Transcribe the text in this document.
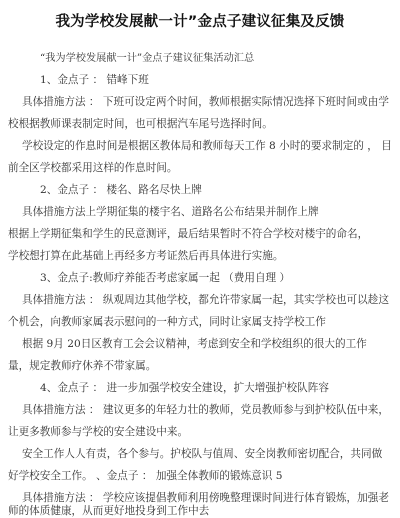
我为学校发展献一计”金点子建议征集及反馈
“我为学校发展献一计”金点子建议征集活动汇总
1、金点子 ： 错峰下班
具体措施方法 ： 下班可设定两个时间，教师根据实际情况选择下班时间或由学
校根据教师课表制定时间，也可根据汽车尾号选择时间。
学校设定的作息时间是根据区教体局和教师每天工作 8 小时的要求制定的 ， 目
前全区学校都采用这样的作息时间。
2、金点子 ： 楼名、路名尽快上牌
具体措施方法上学期征集的楼宇名、道路名公布结果并制作上牌
根据上学期征集和学生的民意测评，最后结果暂时不符合学校对楼宇的命名，
学校想打算在此基础上再经多方考证然后再具体进行实施。
3、金点子:教师疗养能否考虑家属一起 （费用自理 ）
具体措施方法 ： 纵观周边其他学校，都允许带家属一起，其实学校也可以趁这
个机会，向教师家属表示慰问的一种方式，同时让家属支持学校工作
根据 9月 20日区教育工会会议精神，考虑到安全和学校组织的很大的工作
量，规定教师疗休养不带家属。
4、金点子 ： 进一步加强学校安全建设，扩大增强护校队阵容
具体措施方法 ： 建议更多的年轻力壮的教师，党员教师参与到护校队伍中来，
让更多教师参与学校的安全建设中来。
安全工作人人有责，各个参与。护校队与值周、安全岗教师密切配合，共同做
好学校安全工作。 、金点子 ： 加强全体教师的锻炼意识 5
具体措施方法 ： 学校应该提倡教师利用傍晚整理课时间进行体育锻炼，加强老
师的体质健康，从而更好地投身到工作中去
